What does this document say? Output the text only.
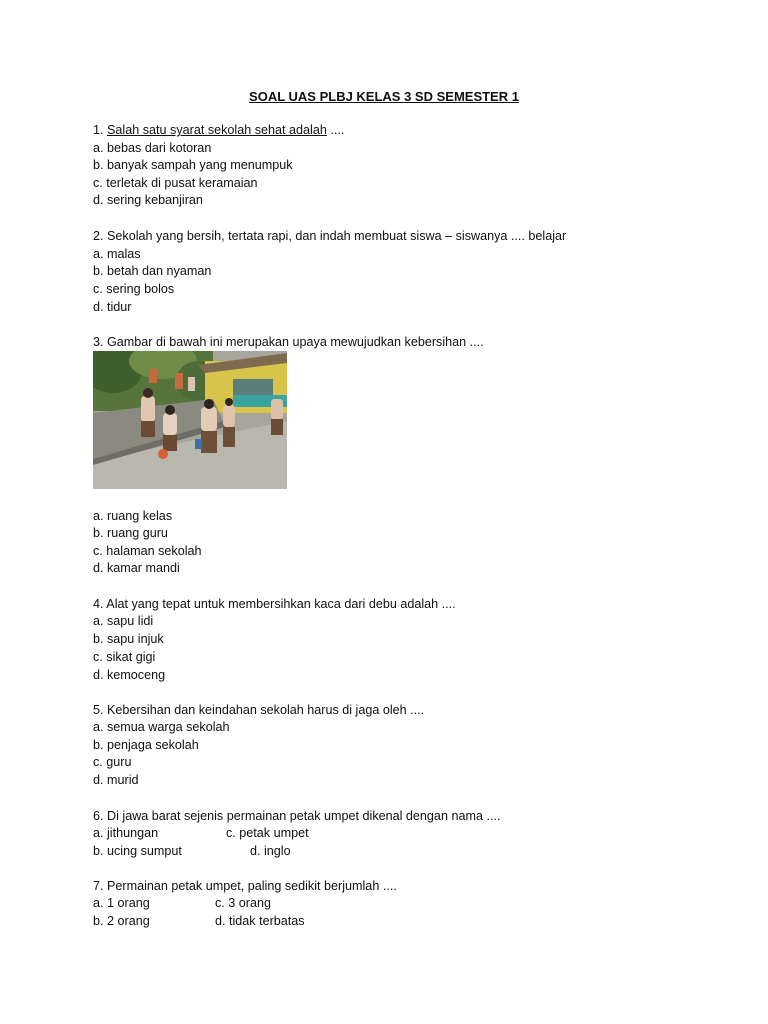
SOAL UAS PLBJ KELAS 3 SD SEMESTER 1
1. Salah satu syarat sekolah sehat adalah ....
a. bebas dari kotoran
b. banyak sampah yang menumpuk
c. terletak di pusat keramaian
d. sering kebanjiran
2. Sekolah yang bersih, tertata rapi, dan indah membuat siswa – siswanya .... belajar
a. malas
b. betah dan nyaman
c. sering bolos
d. tidur
3. Gambar di bawah ini merupakan upaya mewujudkan kebersihan ....
a. ruang kelas
b. ruang guru
c. halaman sekolah
d. kamar mandi
4. Alat yang tepat untuk membersihkan kaca dari debu adalah ....
a. sapu lidi
b. sapu injuk
c. sikat gigi
d. kemoceng
5. Kebersihan dan keindahan sekolah harus di jaga oleh ....
a. semua warga sekolah
b. penjaga sekolah
c. guru
d. murid
6. Di jawa barat sejenis permainan petak umpet dikenal dengan nama ....
a. jithungan	c. petak umpet
b. ucing sumput	d. inglo
7. Permainan petak umpet, paling sedikit berjumlah ....
a. 1 orang	c. 3 orang
b. 2 orang	d. tidak terbatas
